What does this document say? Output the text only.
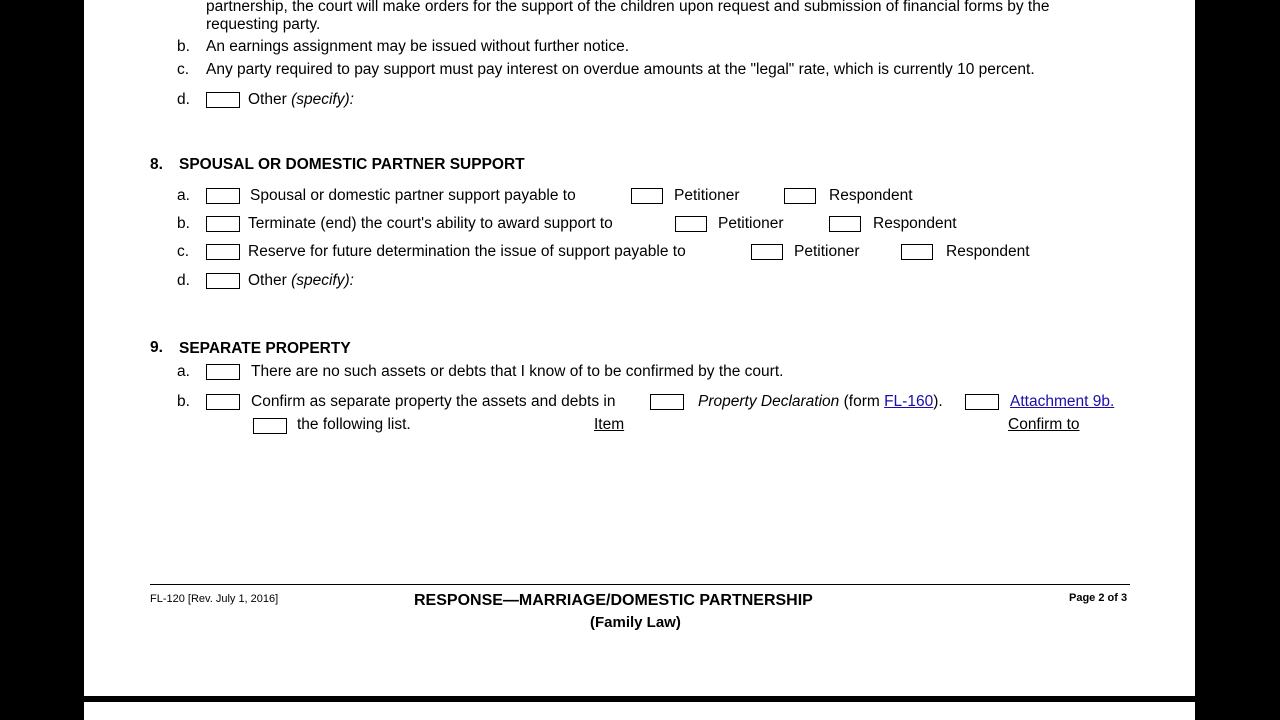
partnership, the court will make orders for the support of the children upon request and submission of financial forms by the
requesting party.
b. An earnings assignment may be issued without further notice.
c. Any party required to pay support must pay interest on overdue amounts at the "legal" rate, which is currently 10 percent.
d.	Other (specify):
8. SPOUSAL OR DOMESTIC PARTNER SUPPORT
a.	Spousal or domestic partner support payable to	Petitioner	Respondent
b.	Terminate (end) the court's ability to award support to	Petitioner	Respondent
c.	Reserve for future determination the issue of support payable to	Petitioner	Respondent
d.	Other (specify):
9. SEPARATE PROPERTY
a.	There are no such assets or debts that I know of to be confirmed by the court.
b.	Confirm as separate property the assets and debts in	Property Declaration (form FL-160).	Attachment 9b.
the following list.	Item	Confirm to
FL-120 [Rev. July 1, 2016]	RESPONSE—MARRIAGE/DOMESTIC PARTNERSHIP
(Family Law)
Page 2 of 3
